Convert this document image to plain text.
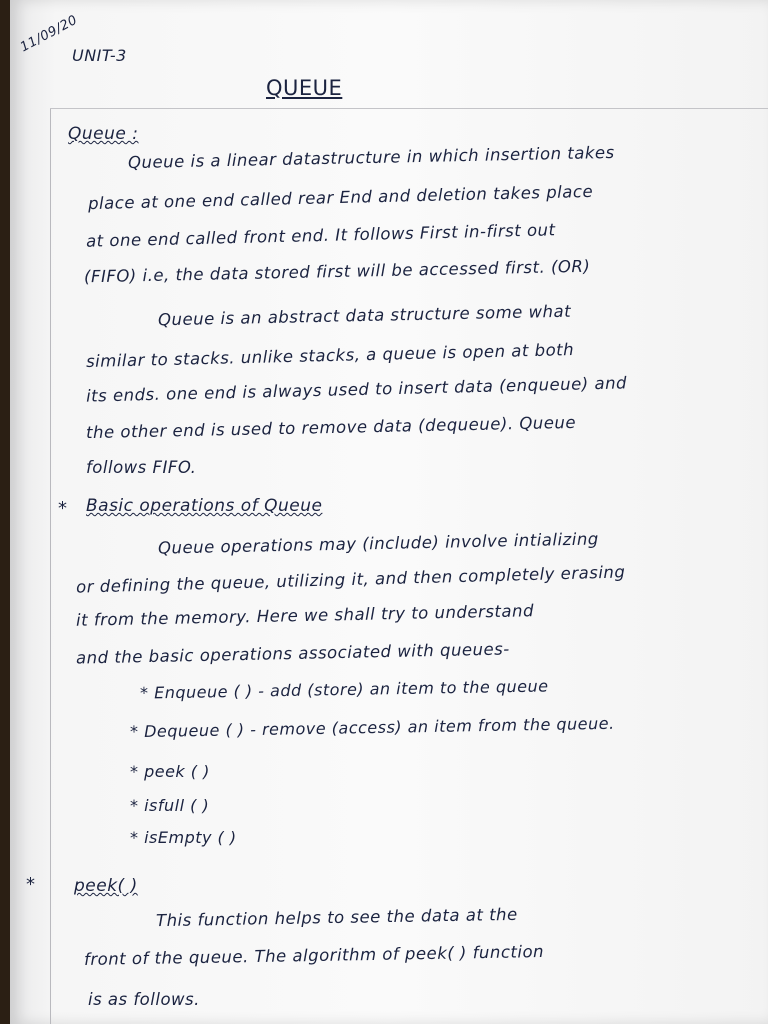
11/09/20
UNIT-3
QUEUE
Queue :
Queue is a linear datastructure in which insertion takes
place at one end called rear End and deletion takes place
at one end called front end. It follows First in-first out
(FIFO) i.e, the data stored first will be accessed first. (OR)
Queue is an abstract data structure some what
similar to stacks. unlike stacks, a queue is open at both
its ends. one end is always used to insert data (enqueue) and
the other end is used to remove data (dequeue). Queue
follows FIFO.
* Basic operations of Queue
Queue operations may (include) involve intializing
or defining the queue, utilizing it, and then completely erasing
it from the memory. Here we shall try to understand
and the basic operations associated with queues-
* Enqueue ( ) - add (store) an item to the queue
* Dequeue ( ) - remove (access) an item from the queue.
* peek ( )
* isfull ( )
* isEmpty ( )
* peek( )
This function helps to see the data at the
front of the queue. The algorithm of peek( ) function
is as follows.
